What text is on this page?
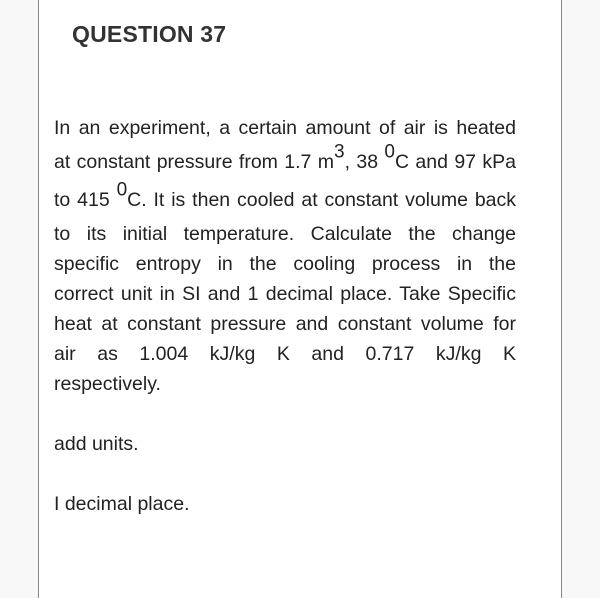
QUESTION 37
In an experiment, a certain amount of air is heated
at constant pressure from 1.7 $m^3$, 38 $^0$C and 97 kPa
to 415 $^0$C. It is then cooled at constant volume back
to its initial temperature. Calculate the change
specific entropy in the cooling process in the
correct unit in SI and 1 decimal place. Take Specific
heat at constant pressure and constant volume for
air as 1.004 kJ/kg K and 0.717 kJ/kg K
respectively.

add units.

I decimal place.
